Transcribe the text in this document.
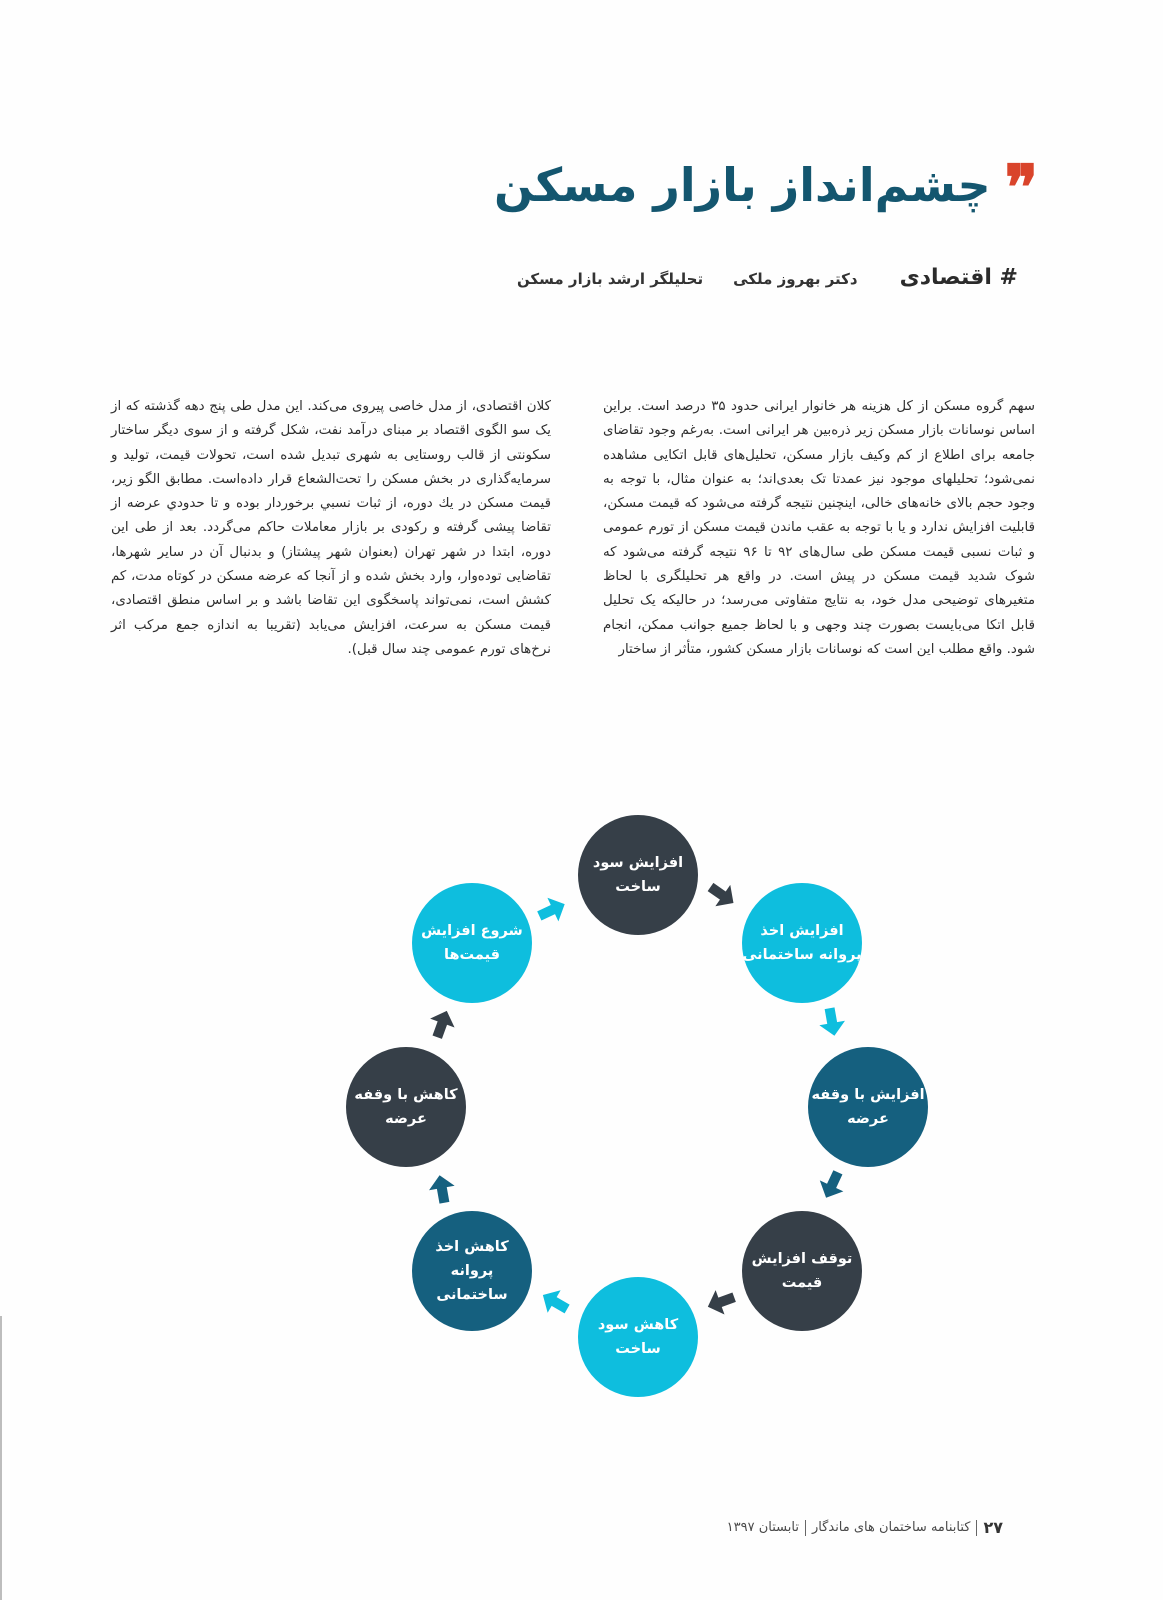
❞
چشم‌انداز بازار مسکن
# اقتصادی
دکتر بهروز ملکی
تحلیلگر ارشد بازار مسکن

سهم گروه مسکن از کل هزینه هر خانوار ایرانی حدود ۳۵ درصد است. براین اساس نوسانات بازار مسکن زیر ذره‌بین هر ایرانی است. به‌رغم وجود تقاضای جامعه برای اطلاع از کم وکیف بازار مسکن، تحلیل‌های قابل اتکایی مشاهده نمی‌شود؛ تحلیلهای موجود نیز عمدتا تک بعدی‌اند؛ به عنوان مثال، با توجه به وجود حجم بالای خانه‌های خالی، اینچنین نتیجه گرفته می‌شود که قیمت مسکن، قابلیت افزایش ندارد و یا با توجه به عقب ماندن قیمت مسکن از تورم عمومی و ثبات نسبی قیمت مسکن طی سال‌های ۹۲ تا ۹۶ نتیجه گرفته می‌شود که شوک شدید قیمت مسکن در پیش است. در واقع هر تحلیلگری با لحاظ متغیرهای توضیحی مدل خود، به نتایج متفاوتی می‌رسد؛ در حالیکه یک تحلیل قابل اتکا می‌بایست بصورت چند وجهی و با لحاظ جمیع جوانب ممکن، انجام شود. واقع مطلب این است که نوسانات بازار مسکن کشور، متأثر از ساختار

کلان اقتصادی، از مدل خاصی پیروی می‌کند. این مدل طی پنج دهه گذشته که از یک سو الگوی اقتصاد بر مبنای درآمد نفت، شکل گرفته و از سوی دیگر ساختار سکونتی از قالب روستایی به شهری تبدیل شده است، تحولات قیمت، تولید و سرمایه‌گذاری در بخش مسکن را تحت‌الشعاع قرار داده‌است. مطابق الگو زیر، قیمت مسکن در يك دوره، از ثبات نسبي برخوردار بوده و تا حدودي عرضه از تقاضا پیشی گرفته و رکودی بر بازار معاملات حاکم می‌گردد. بعد از طی این دوره، ابتدا در شهر تهران (بعنوان شهر پیشتاز) و بدنبال آن در سایر شهرها، تقاضایی توده‌وار، وارد بخش شده و از آنجا که عرضه مسکن در کوتاه مدت، کم کشش است، نمی‌تواند پاسخگوی این تقاضا باشد و بر اساس منطق اقتصادی، قیمت مسکن به سرعت، افزایش می‌یابد (تقریبا به اندازه جمع مرکب اثر نرخ‌های تورم عمومی چند سال قبل).

افزایش سود
ساخت
افزایش اخذ
پروانه ساختمانی
افزایش با وقفه
عرضه
توقف افزایش
قیمت
کاهش سود
ساخت
کاهش اخذ پروانه
ساختمانی
کاهش با وقفه
عرضه
شروع افزایش
قیمت‌ها
۲۷
کتابنامه ساختمان های ماندگار
تابستان ۱۳۹۷
